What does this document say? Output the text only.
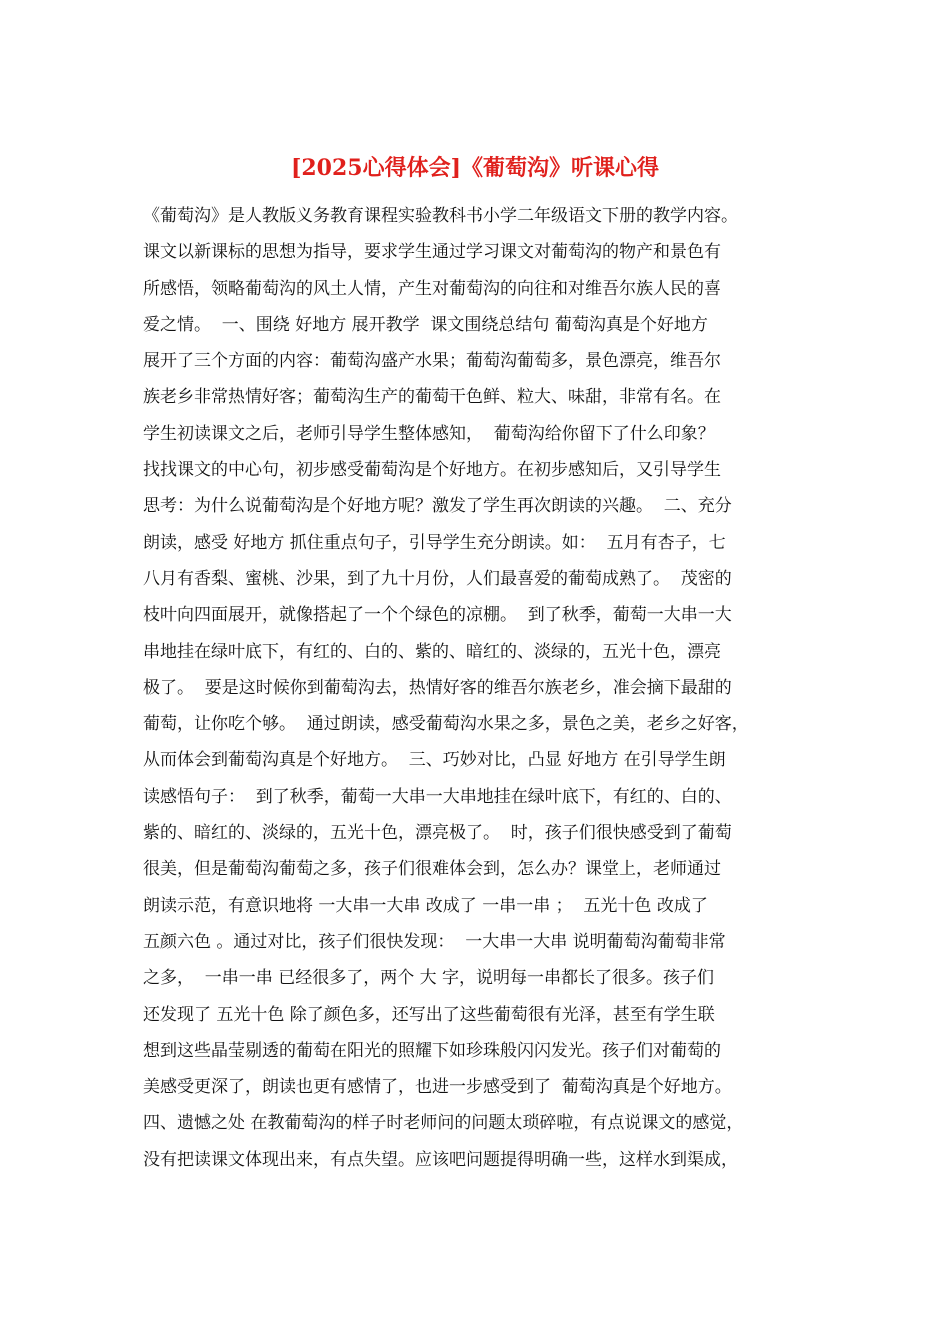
[2025心得体会]《葡萄沟》听课心得
《葡萄沟》是人教版义务教育课程实验教科书小学二年级语文下册的教学内容。
课文以新课标的思想为指导，要求学生通过学习课文对葡萄沟的物产和景色有
所感悟，领略葡萄沟的风土人情，产生对葡萄沟的向往和对维吾尔族人民的喜
爱之情。  一、围绕 好地方 展开教学  课文围绕总结句 葡萄沟真是个好地方
展开了三个方面的内容：葡萄沟盛产水果；葡萄沟葡萄多，景色漂亮，维吾尔
族老乡非常热情好客；葡萄沟生产的葡萄干色鲜、粒大、味甜，非常有名。在
学生初读课文之后，老师引导学生整体感知，  葡萄沟给你留下了什么印象？
找找课文的中心句，初步感受葡萄沟是个好地方。在初步感知后，又引导学生
思考：为什么说葡萄沟是个好地方呢？激发了学生再次朗读的兴趣。  二、充分
朗读，感受 好地方 抓住重点句子，引导学生充分朗读。如：  五月有杏子，七
八月有香梨、蜜桃、沙果，到了九十月份，人们最喜爱的葡萄成熟了。  茂密的
枝叶向四面展开，就像搭起了一个个绿色的凉棚。  到了秋季，葡萄一大串一大
串地挂在绿叶底下，有红的、白的、紫的、暗红的、淡绿的，五光十色，漂亮
极了。  要是这时候你到葡萄沟去，热情好客的维吾尔族老乡，准会摘下最甜的
葡萄，让你吃个够。  通过朗读，感受葡萄沟水果之多，景色之美，老乡之好客，
从而体会到葡萄沟真是个好地方。  三、巧妙对比，凸显 好地方 在引导学生朗
读感悟句子：  到了秋季，葡萄一大串一大串地挂在绿叶底下，有红的、白的、
紫的、暗红的、淡绿的，五光十色，漂亮极了。  时，孩子们很快感受到了葡萄
很美，但是葡萄沟葡萄之多，孩子们很难体会到，怎么办？课堂上，老师通过
朗读示范，有意识地将 一大串一大串 改成了 一串一串 ；  五光十色 改成了
五颜六色 。通过对比，孩子们很快发现：  一大串一大串 说明葡萄沟葡萄非常
之多，  一串一串 已经很多了，两个 大 字，说明每一串都长了很多。孩子们
还发现了 五光十色 除了颜色多，还写出了这些葡萄很有光泽，甚至有学生联
想到这些晶莹剔透的葡萄在阳光的照耀下如珍珠般闪闪发光。孩子们对葡萄的
美感受更深了，朗读也更有感情了，也进一步感受到了  葡萄沟真是个好地方。
四、遗憾之处 在教葡萄沟的样子时老师问的问题太琐碎啦，有点说课文的感觉，
没有把读课文体现出来，有点失望。应该吧问题提得明确一些，这样水到渠成，
